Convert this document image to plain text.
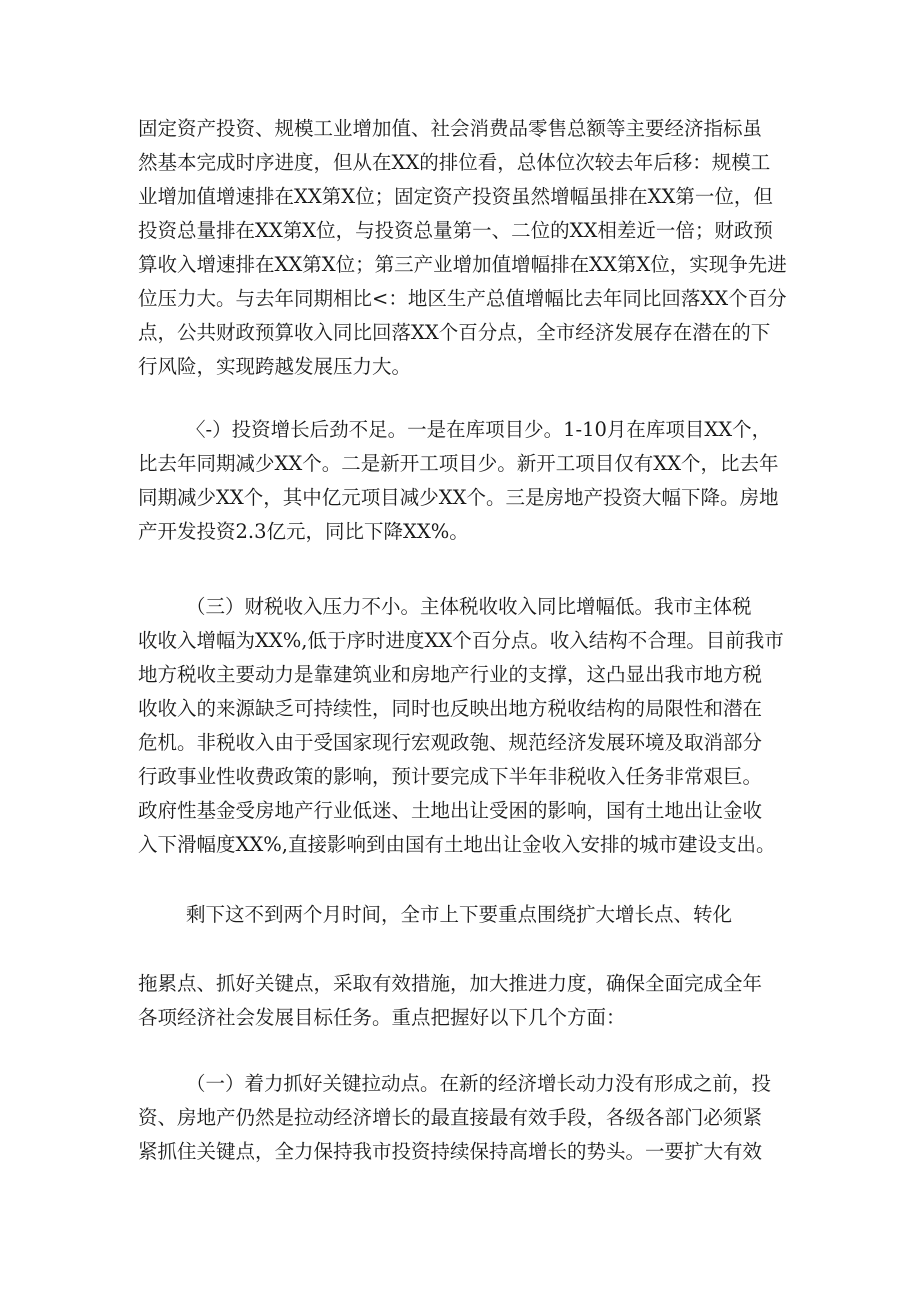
固定资产投资、规模工业增加值、社会消费品零售总额等主要经济指标虽
然基本完成时序进度，但从在XX的排位看，总体位次较去年后移：规模工
业增加值增速排在XX第X位；固定资产投资虽然增幅虽排在XX第一位，但
投资总量排在XX第X位，与投资总量第一、二位的XX相差近一倍；财政预
算收入增速排在XX第X位；第三产业增加值增幅排在XX第X位，实现争先进
位压力大。与去年同期相比<：地区生产总值增幅比去年同比回落XX个百分
点，公共财政预算收入同比回落XX个百分点，全市经济发展存在潜在的下
行风险，实现跨越发展压力大。

〈-）投资增长后劲不足。一是在库项目少。1-10月在库项目XX个，
比去年同期减少XX个。二是新开工项目少。新开工项目仅有XX个，比去年
同期减少XX个，其中亿元项目减少XX个。三是房地产投资大幅下降。房地
产开发投资2.3亿元，同比下降XX%。

（三）财税收入压力不小。主体税收收入同比增幅低。我市主体税
收收入增幅为XX%,低于序时进度XX个百分点。收入结构不合理。目前我市
地方税收主要动力是靠建筑业和房地产行业的支撑，这凸显出我市地方税
收收入的来源缺乏可持续性，同时也反映出地方税收结构的局限性和潜在
危机。非税收入由于受国家现行宏观政匏、规范经济发展环境及取消部分
行政事业性收费政策的影响，预计要完成下半年非税收入任务非常艰巨。
政府性基金受房地产行业低迷、土地出让受困的影响，国有土地出让金收
入下滑幅度XX%,直接影响到由国有土地出让金收入安排的城市建设支出。

剩下这不到两个月时间，全市上下要重点围绕扩大增长点、转化

拖累点、抓好关键点，采取有效措施，加大推进力度，确保全面完成全年
各项经济社会发展目标任务。重点把握好以下几个方面：

（一）着力抓好关键拉动点。在新的经济增长动力没有形成之前，投
资、房地产仍然是拉动经济增长的最直接最有效手段，各级各部门必须紧
紧抓住关键点，全力保持我市投资持续保持高增长的势头。一要扩大有效
